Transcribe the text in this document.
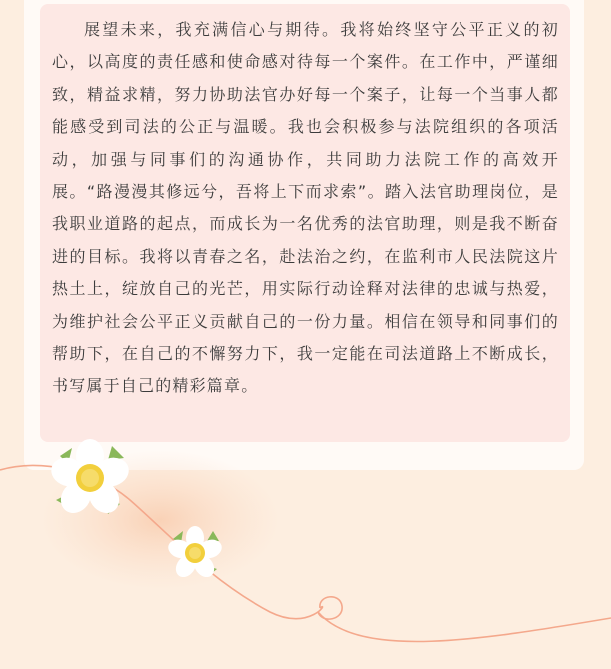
展望未来，我充满信心与期待。我将始终坚守公平正义的初心，以高度的责任感和使命感对待每一个案件。在工作中，严谨细致，精益求精，努力协助法官办好每一个案子，让每一个当事人都能感受到司法的公正与温暖。我也会积极参与法院组织的各项活动，加强与同事们的沟通协作，共同助力法院工作的高效开展。“路漫漫其修远兮，吾将上下而求索”。踏入法官助理岗位，是我职业道路的起点，而成长为一名优秀的法官助理，则是我不断奋进的目标。我将以青春之名，赴法治之约，在监利市人民法院这片热土上，绽放自己的光芒，用实际行动诠释对法律的忠诚与热爱，为维护社会公平正义贡献自己的一份力量。相信在领导和同事们的帮助下，在自己的不懈努力下，我一定能在司法道路上不断成长，书写属于自己的精彩篇章。
